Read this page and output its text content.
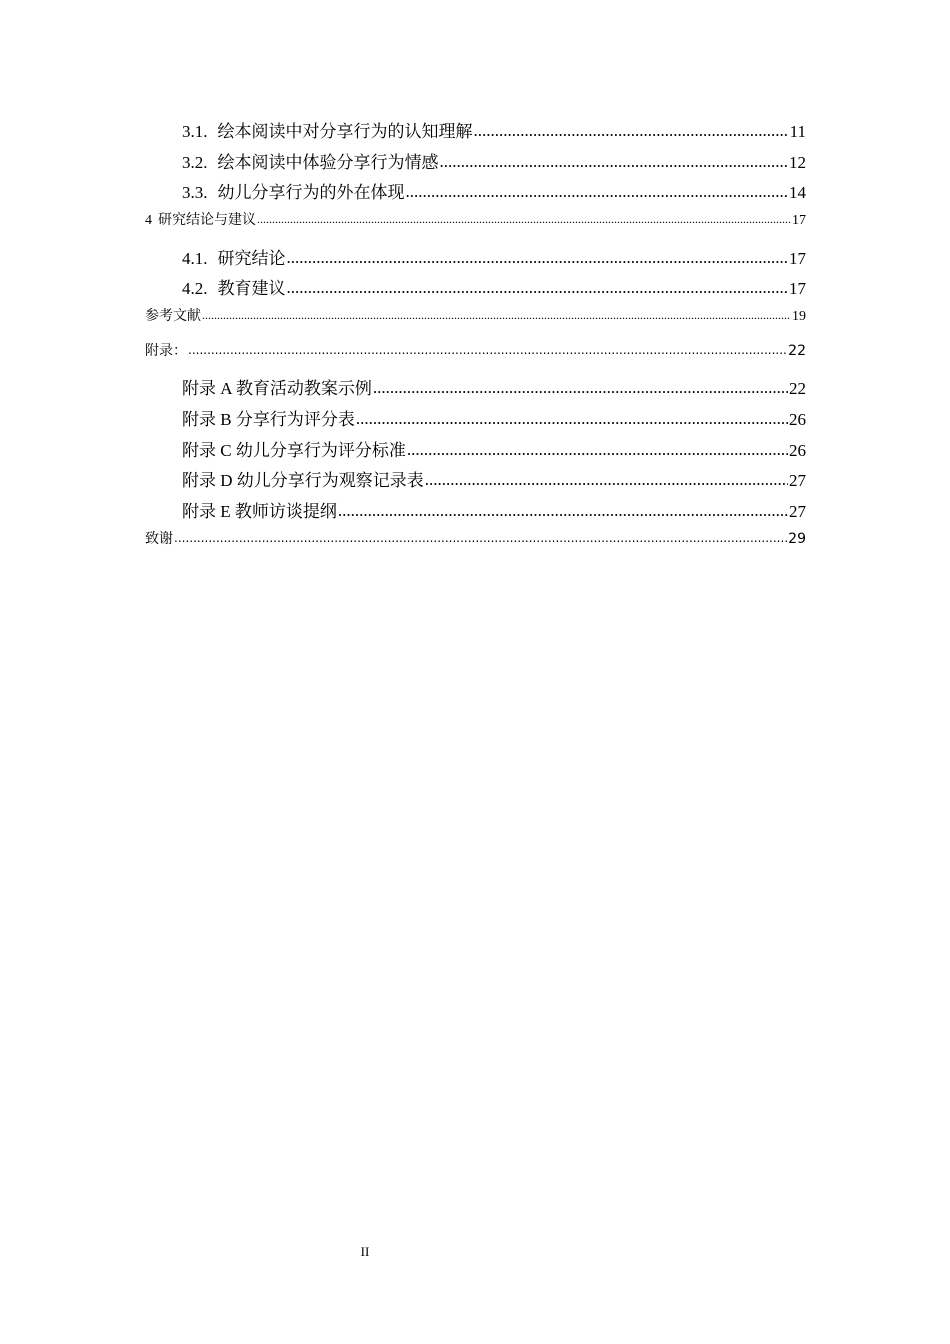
3.1. 绘本阅读中对分享行为的认知理解 .....	11
3.2. 绘本阅读中体验分享行为情感 .....	12
3.3. 幼儿分享行为的外在体现 .....	14
4 研究结论与建议 .....	17
4.1. 研究结论 .....	17
4.2. 教育建议 .....	17
参考文献 .....	19
附录： .....	22
附录 A 教育活动教案示例 .....	22
附录 B 分享行为评分表 .....	26
附录 C 幼儿分享行为评分标准 .....	26
附录 D 幼儿分享行为观察记录表 .....	27
附录 E 教师访谈提纲 .....	27
致谢 .....	29
II
